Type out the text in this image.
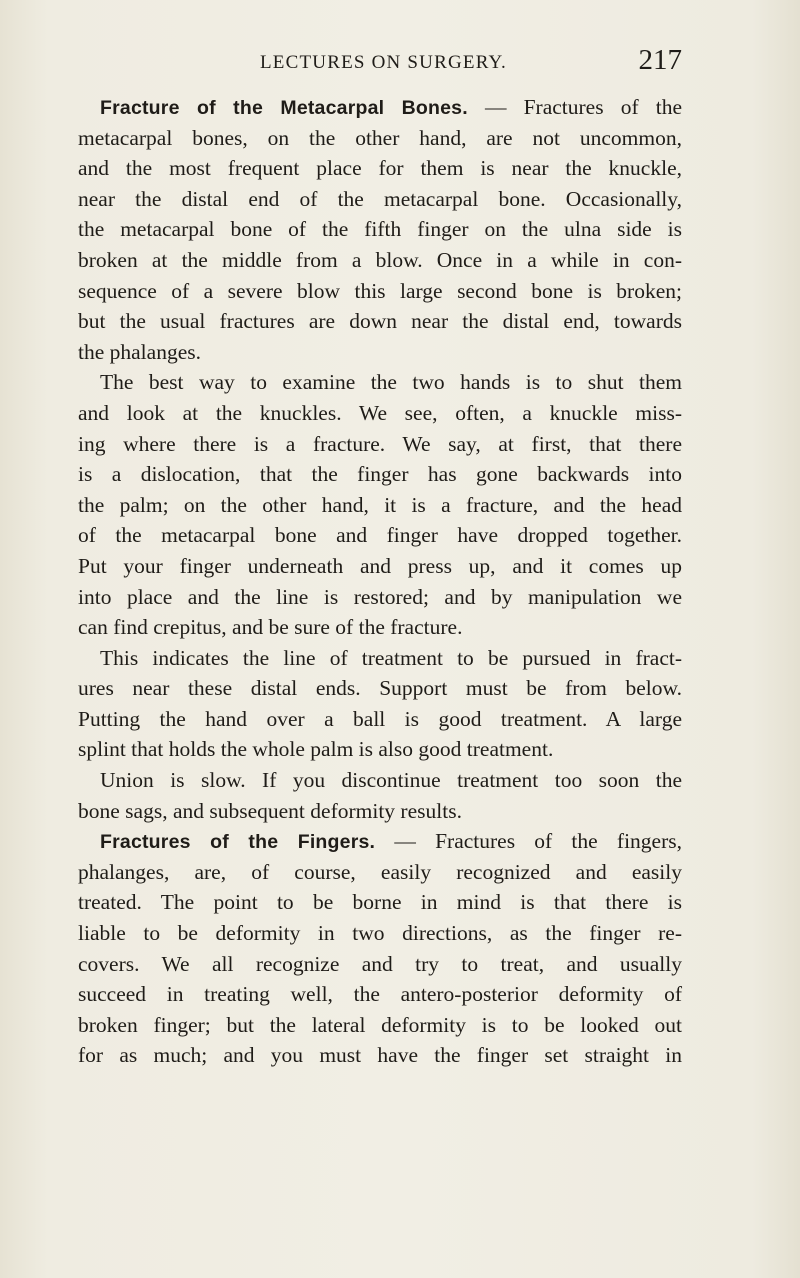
LECTURES ON SURGERY.	217
Fracture of the Metacarpal Bones. — Fractures of the
metacarpal bones, on the other hand, are not uncommon,
and the most frequent place for them is near the knuckle,
near the distal end of the metacarpal bone. Occasionally,
the metacarpal bone of the fifth finger on the ulna side is
broken at the middle from a blow. Once in a while in con-
sequence of a severe blow this large second bone is broken;
but the usual fractures are down near the distal end, towards
the phalanges.
The best way to examine the two hands is to shut them
and look at the knuckles. We see, often, a knuckle miss-
ing where there is a fracture. We say, at first, that there
is a dislocation, that the finger has gone backwards into
the palm; on the other hand, it is a fracture, and the head
of the metacarpal bone and finger have dropped together.
Put your finger underneath and press up, and it comes up
into place and the line is restored; and by manipulation we
can find crepitus, and be sure of the fracture.
This indicates the line of treatment to be pursued in fract-
ures near these distal ends. Support must be from below.
Putting the hand over a ball is good treatment. A large
splint that holds the whole palm is also good treatment.
Union is slow. If you discontinue treatment too soon the
bone sags, and subsequent deformity results.
Fractures of the Fingers. — Fractures of the fingers,
phalanges, are, of course, easily recognized and easily
treated. The point to be borne in mind is that there is
liable to be deformity in two directions, as the finger re-
covers. We all recognize and try to treat, and usually
succeed in treating well, the antero-posterior deformity of
broken finger; but the lateral deformity is to be looked out
for as much; and you must have the finger set straight in
